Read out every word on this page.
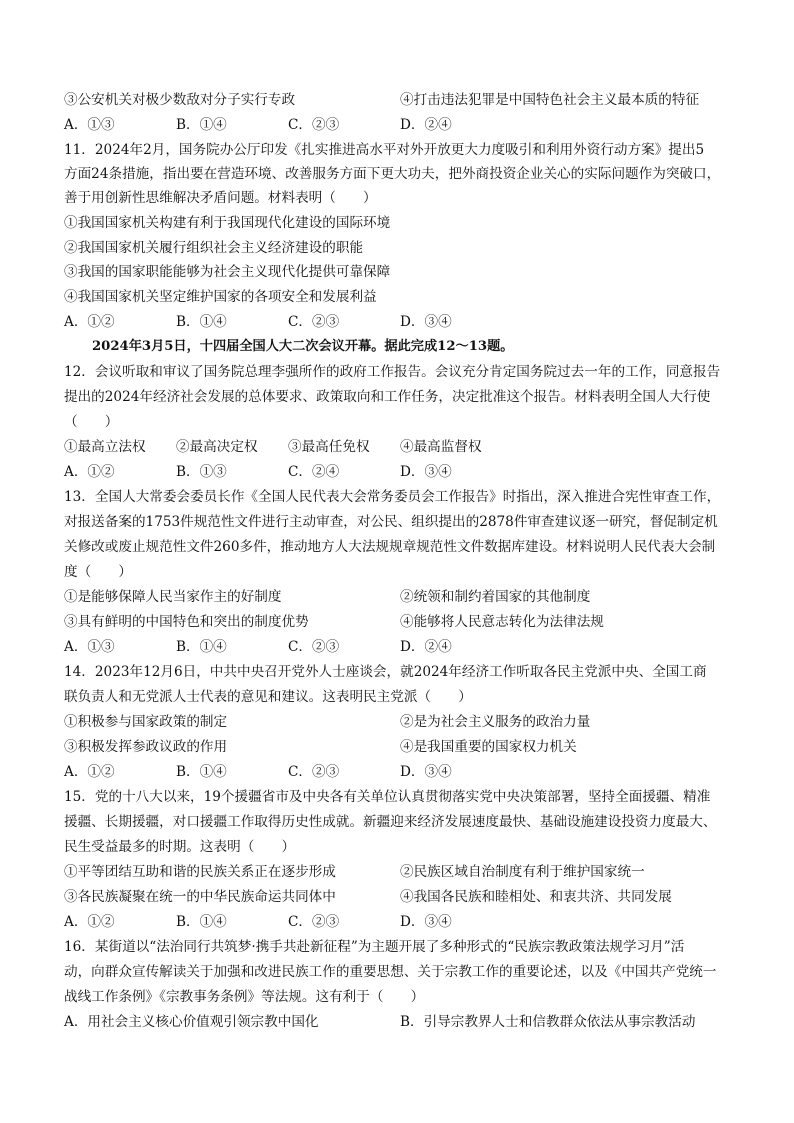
③公安机关对极少数敌对分子实行专政	④打击违法犯罪是中国特色社会主义最本质的特征
A．①③	B．①④	C．②③	D．②④
11．2024年2月，国务院办公厅印发《扎实推进高水平对外开放更大力度吸引和利用外资行动方案》提出5
方面24条措施，指出要在营造环境、改善服务方面下更大功夫，把外商投资企业关心的实际问题作为突破口，
善于用创新性思维解决矛盾问题。材料表明（　　）
①我国国家机关构建有利于我国现代化建设的国际环境
②我国国家机关履行组织社会主义经济建设的职能
③我国的国家职能能够为社会主义现代化提供可靠保障
④我国国家机关坚定维护国家的各项安全和发展利益
A．①②	B．①④	C．②③	D．③④
2024年3月5日，十四届全国人大二次会议开幕。据此完成12～13题。
12．会议听取和审议了国务院总理李强所作的政府工作报告。会议充分肯定国务院过去一年的工作，同意报告
提出的2024年经济社会发展的总体要求、政策取向和工作任务，决定批准这个报告。材料表明全国人大行使
（　　）
①最高立法权 ②最高决定权 ③最高任免权 ④最高监督权
A．①②	B．①③	C．②④	D．③④
13．全国人大常委会委员长作《全国人民代表大会常务委员会工作报告》时指出，深入推进合宪性审查工作，
对报送备案的1753件规范性文件进行主动审查，对公民、组织提出的2878件审查建议逐一研究，督促制定机
关修改或废止规范性文件260多件，推动地方人大法规规章规范性文件数据库建设。材料说明人民代表大会制
度（　　）
①是能够保障人民当家作主的好制度	②统领和制约着国家的其他制度
③具有鲜明的中国特色和突出的制度优势	④能够将人民意志转化为法律法规
A．①③	B．①④	C．②③	D．②④
14．2023年12月6日，中共中央召开党外人士座谈会，就2024年经济工作听取各民主党派中央、全国工商
联负责人和无党派人士代表的意见和建议。这表明民主党派（　　）
①积极参与国家政策的制定	②是为社会主义服务的政治力量
③积极发挥参政议政的作用	④是我国重要的国家权力机关
A．①②	B．①④	C．②③	D．③④
15．党的十八大以来，19个援疆省市及中央各有关单位认真贯彻落实党中央决策部署，坚持全面援疆、精准
援疆、长期援疆，对口援疆工作取得历史性成就。新疆迎来经济发展速度最快、基础设施建设投资力度最大、
民生受益最多的时期。这表明（　　）
①平等团结互助和谐的民族关系正在逐步形成	②民族区域自治制度有利于维护国家统一
③各民族凝聚在统一的中华民族命运共同体中	④我国各民族和睦相处、和衷共济、共同发展
A．①②	B．①④	C．②③	D．③④
16．某街道以“法治同行共筑梦·携手共赴新征程”为主题开展了多种形式的“民族宗教政策法规学习月”活
动，向群众宣传解读关于加强和改进民族工作的重要思想、关于宗教工作的重要论述，以及《中国共产党统一
战线工作条例》《宗教事务条例》等法规。这有利于（　　）
A．用社会主义核心价值观引领宗教中国化	B．引导宗教界人士和信教群众依法从事宗教活动
